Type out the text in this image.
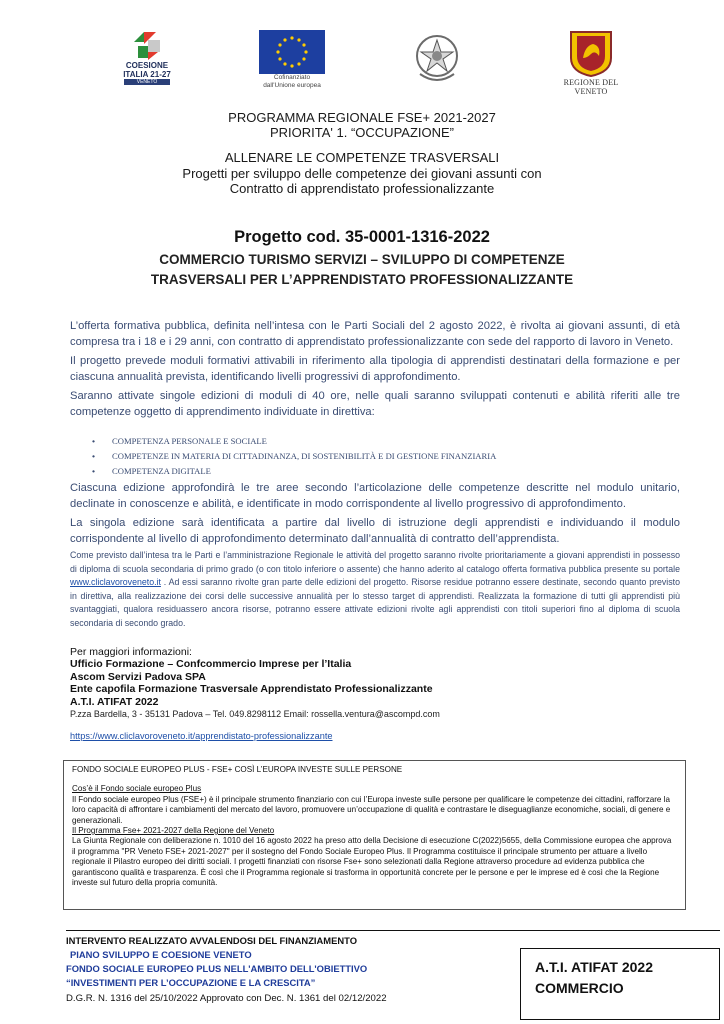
COESIONE
ITALIA 21-27
VENETO
Cofinanziato
dall'Unione europea	REGIONE DEL VENETO
PROGRAMMA REGIONALE FSE+ 2021-2027
PRIORITA' 1. “OCCUPAZIONE”
ALLENARE LE COMPETENZE TRASVERSALI
Progetti per sviluppo delle competenze dei giovani assunti con
Contratto di apprendistato professionalizzante
Progetto cod. 35-0001-1316-2022
COMMERCIO TURISMO SERVIZI – SVILUPPO DI COMPETENZE
TRASVERSALI PER L’APPRENDISTATO PROFESSIONALIZZANTE

L’offerta formativa pubblica, definita nell’intesa con le Parti Sociali del 2 agosto 2022, è rivolta ai giovani assunti, di età compresa tra i 18 e i 29 anni, con contratto di apprendistato professionalizzante con sede del rapporto di lavoro in Veneto.

Il progetto prevede moduli formativi attivabili in riferimento alla tipologia di apprendisti destinatari della formazione e per ciascuna annualità prevista, identificando livelli progressivi di approfondimento.

Saranno attivate singole edizioni di moduli di 40 ore, nelle quali saranno sviluppati contenuti e abilità riferiti alle tre competenze oggetto di apprendimento individuate in direttiva:

• COMPETENZA PERSONALE E SOCIALE
• COMPETENZE IN MATERIA DI CITTADINANZA, DI SOSTENIBILITÀ E DI GESTIONE FINANZIARIA
• COMPETENZA DIGITALE

Ciascuna edizione approfondirà le tre aree secondo l’articolazione delle competenze descritte nel modulo unitario, declinate in conoscenze e abilità, e identificate in modo corrispondente al livello progressivo di approfondimento.

La singola edizione sarà identificata a partire dal livello di istruzione degli apprendisti e individuando il modulo corrispondente al livello di approfondimento determinato dall’annualità di contratto dell’apprendista.

Come previsto dall’intesa tra le Parti e l’amministrazione Regionale le attività del progetto saranno rivolte prioritariamente a giovani apprendisti in possesso di diploma di scuola secondaria di primo grado (o con titolo inferiore o assente) che hanno aderito al catalogo offerta formativa pubblica presente su portale www.cliclavoroveneto.it . Ad essi saranno rivolte gran parte delle edizioni del progetto. Risorse residue potranno essere destinate, secondo quanto previsto in direttiva, alla realizzazione dei corsi delle successive annualità per lo stesso target di apprendisti. Realizzata la formazione di tutti gli apprendisti più svantaggiati, qualora residuassero ancora risorse, potranno essere attivate edizioni rivolte agli apprendisti con titoli superiori fino al diploma di scuola secondaria di secondo grado.
Per maggiori informazioni:
Ufficio Formazione – Confcommercio Imprese per l’Italia
Ascom Servizi Padova SPA
Ente capofila Formazione Trasversale Apprendistato Professionalizzante
A.T.I. ATIFAT 2022
P.zza Bardella, 3 - 35131 Padova – Tel. 049.8298112 Email: rossella.ventura@ascompd.com
https://www.cliclavoroveneto.it/apprendistato-professionalizzante

FONDO SOCIALE EUROPEO PLUS - FSE+ COSÌ L’EUROPA INVESTE SULLE PERSONE

Cos’è il Fondo sociale europeo Plus

Il Fondo sociale europeo Plus (FSE+) è il principale strumento finanziario con cui l’Europa investe sulle persone per qualificare le competenze dei cittadini, rafforzare la loro capacità di affrontare i cambiamenti del mercato del lavoro, promuovere un’occupazione di qualità e contrastare le diseguaglianze economiche, sociali, di genere e generazionali.

Il Programma Fse+ 2021-2027 della Regione del Veneto

La Giunta Regionale con deliberazione n. 1010 del 16 agosto 2022 ha preso atto della Decisione di esecuzione C(2022)5655, della Commissione europea che approva il programma "PR Veneto FSE+ 2021-2027" per il sostegno del Fondo Sociale Europeo Plus. Il Programma costituisce il principale strumento per attuare a livello regionale il Pilastro europeo dei diritti sociali. I progetti finanziati con risorse Fse+ sono selezionati dalla Regione attraverso procedure ad evidenza pubblica che garantiscono qualità e trasparenza. È così che il Programma regionale si trasforma in opportunità concrete per le persone e per le imprese ed è così che la Regione investe sul futuro della propria comunità.

INTERVENTO REALIZZATO AVVALENDOSI DEL FINANZIAMENTO
PIANO SVILUPPO E COESIONE VENETO
FONDO SOCIALE EUROPEO PLUS NELL'AMBITO DELL'OBIETTIVO
“INVESTIMENTI PER L’OCCUPAZIONE E LA CRESCITA”
D.G.R. N. 1316 del 25/10/2022 Approvato con Dec. N. 1361 del 02/12/2022
A.T.I. ATIFAT 2022
COMMERCIO
